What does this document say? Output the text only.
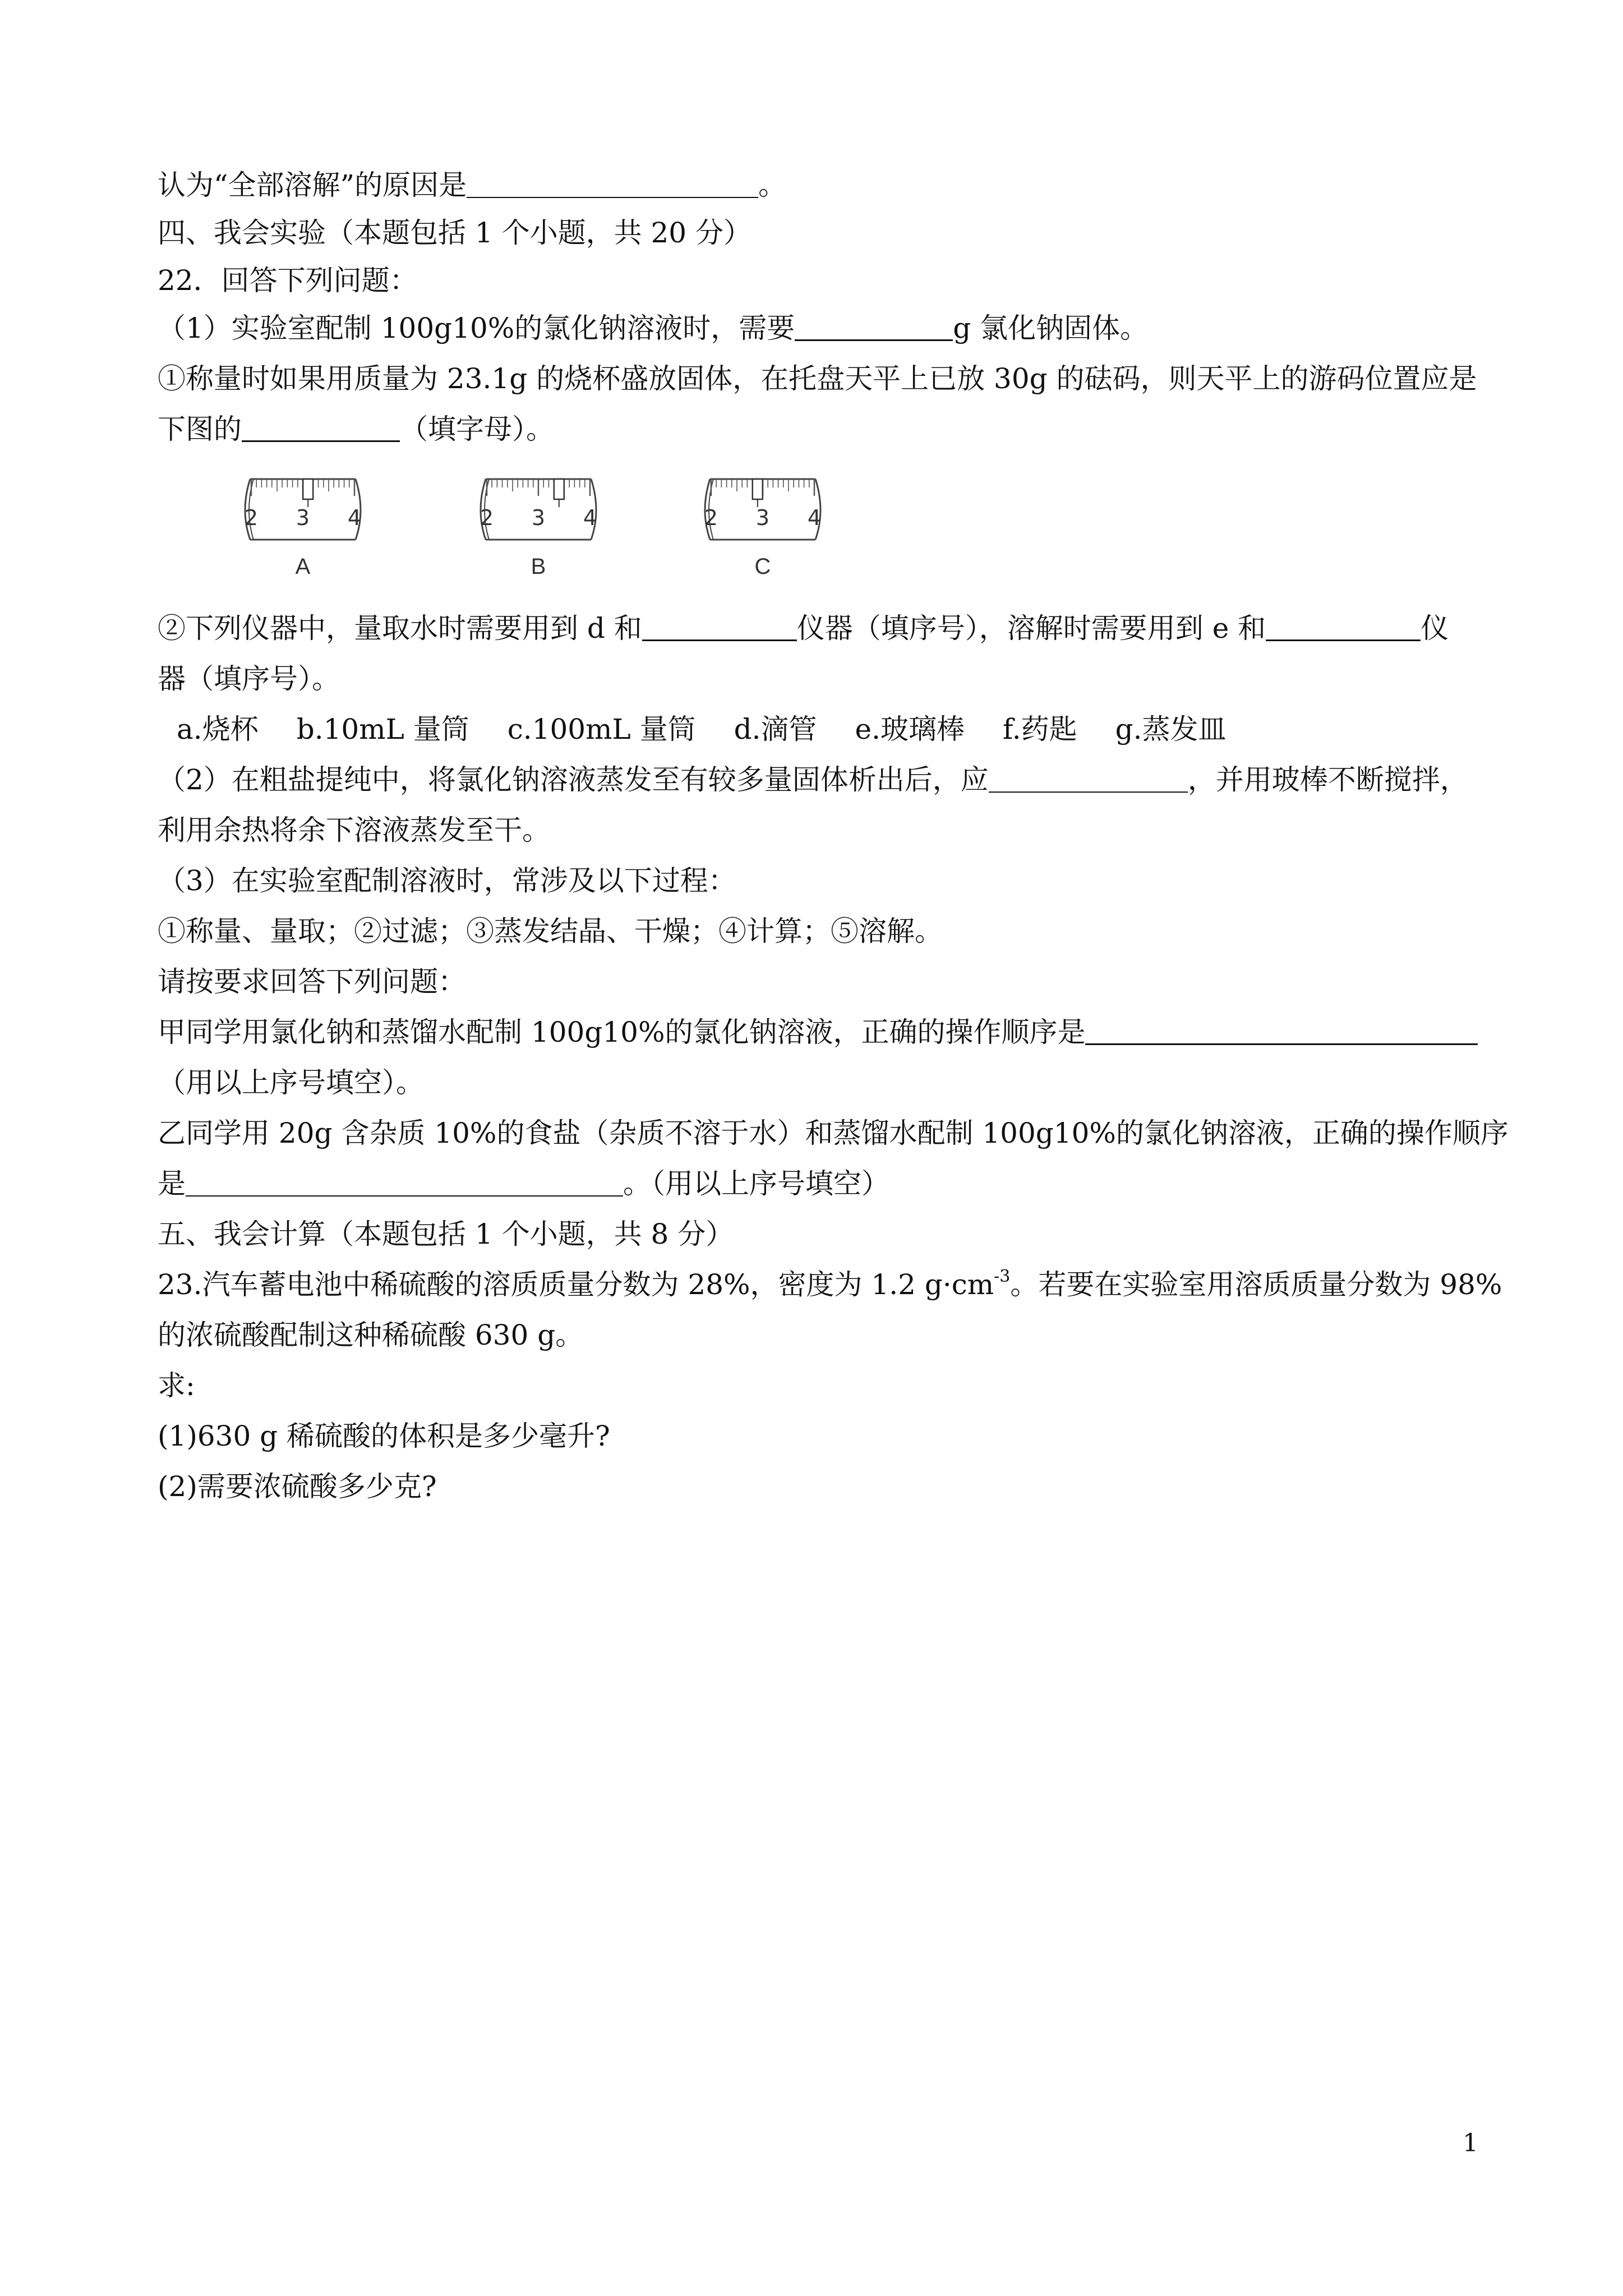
认为“全部溶解”的原因是	。
四、我会实验（本题包括 1 个小题，共 20 分）
22．回答下列问题：
（1）实验室配制 100g10%的氯化钠溶液时，需要	g 氯化钠固体。
①称量时如果用质量为 23.1g 的烧杯盛放固体，在托盘天平上已放 30g 的砝码，则天平上的游码位置应是
下图的	（填字母）。
2 3 4
A
2 3 4
B
2 3 4
C
②下列仪器中，量取水时需要用到 d 和	仪器（填序号），溶解时需要用到 e 和	仪
器（填序号）。
a.烧杯 b.10mL 量筒 c.100mL 量筒 d.滴管 e.玻璃棒 f.药匙 g.蒸发皿
（2）在粗盐提纯中，将氯化钠溶液蒸发至有较多量固体析出后，应	，并用玻棒不断搅拌，
利用余热将余下溶液蒸发至干。
（3）在实验室配制溶液时，常涉及以下过程：
①称量、量取；②过滤；③蒸发结晶、干燥；④计算；⑤溶解。
请按要求回答下列问题：
甲同学用氯化钠和蒸馏水配制 100g10%的氯化钠溶液，正确的操作顺序是
（用以上序号填空）。
乙同学用 20g 含杂质 10%的食盐（杂质不溶于水）和蒸馏水配制 100g10%的氯化钠溶液，正确的操作顺序
是	。（用以上序号填空）
五、我会计算（本题包括 1 个小题，共 8 分）
23.汽车蓄电池中稀硫酸的溶质质量分数为 28%，密度为 1.2 $g\cdot cm^{-3}$。若要在实验室用溶质质量分数为 98%
的浓硫酸配制这种稀硫酸 630 g。
求:
(1)630 g 稀硫酸的体积是多少毫升?
(2)需要浓硫酸多少克?
1
